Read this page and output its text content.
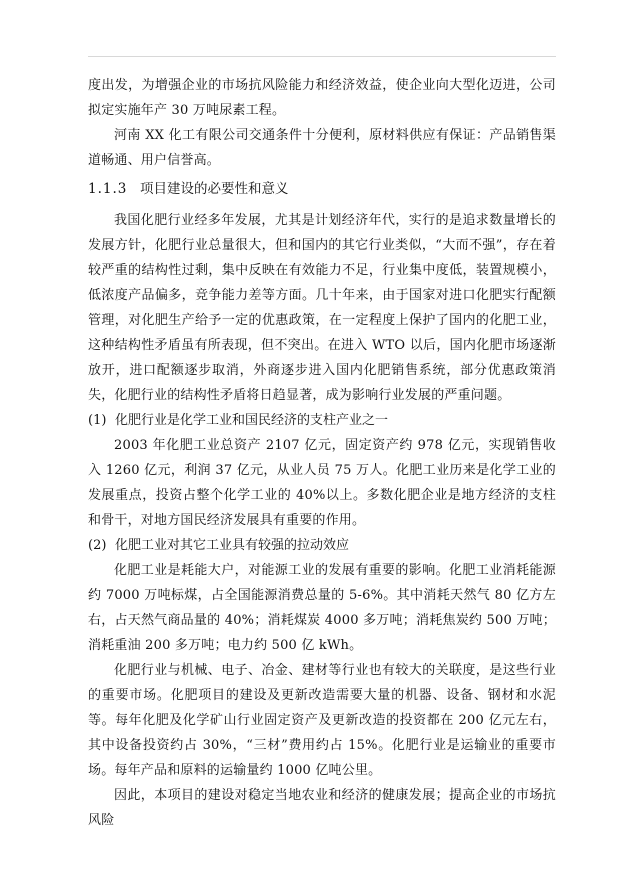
度出发，为增强企业的市场抗风险能力和经济效益，使企业向大型化迈进，公司拟定实施年产 30 万吨尿素工程。

河南 XX 化工有限公司交通条件十分便利，原材料供应有保证：产品销售渠道畅通、用户信誉高。

1.1.3 项目建设的必要性和意义

我国化肥行业经多年发展，尤其是计划经济年代，实行的是追求数量增长的发展方针，化肥行业总量很大，但和国内的其它行业类似，“大而不强”，存在着较严重的结构性过剩，集中反映在有效能力不足，行业集中度低，装置规模小，低浓度产品偏多，竞争能力差等方面。几十年来，由于国家对进口化肥实行配额管理，对化肥生产给予一定的优惠政策，在一定程度上保护了国内的化肥工业，这种结构性矛盾虽有所表现，但不突出。在进入 WTO 以后，国内化肥市场逐渐放开，进口配额逐步取消，外商逐步进入国内化肥销售系统，部分优惠政策消失，化肥行业的结构性矛盾将日趋显著，成为影响行业发展的严重问题。

(1) 化肥行业是化学工业和国民经济的支柱产业之一

2003 年化肥工业总资产 2107 亿元，固定资产约 978 亿元，实现销售收入 1260 亿元，利润 37 亿元，从业人员 75 万人。化肥工业历来是化学工业的发展重点，投资占整个化学工业的 40%以上。多数化肥企业是地方经济的支柱和骨干，对地方国民经济发展具有重要的作用。

(2) 化肥工业对其它工业具有较强的拉动效应

化肥工业是耗能大户，对能源工业的发展有重要的影响。化肥工业消耗能源约 7000 万吨标煤，占全国能源消费总量的 5-6%。其中消耗天然气 80 亿方左右，占天然气商品量的 40%；消耗煤炭 4000 多万吨；消耗焦炭约 500 万吨；消耗重油 200 多万吨；电力约 500 亿 kWh。

化肥行业与机械、电子、冶金、建材等行业也有较大的关联度，是这些行业的重要市场。化肥项目的建设及更新改造需要大量的机器、设备、钢材和水泥等。每年化肥及化学矿山行业固定资产及更新改造的投资都在 200 亿元左右，其中设备投资约占 30%，“三材”费用约占 15%。化肥行业是运输业的重要市场。每年产品和原料的运输量约 1000 亿吨公里。

因此，本项目的建设对稳定当地农业和经济的健康发展；提高企业的市场抗风险
